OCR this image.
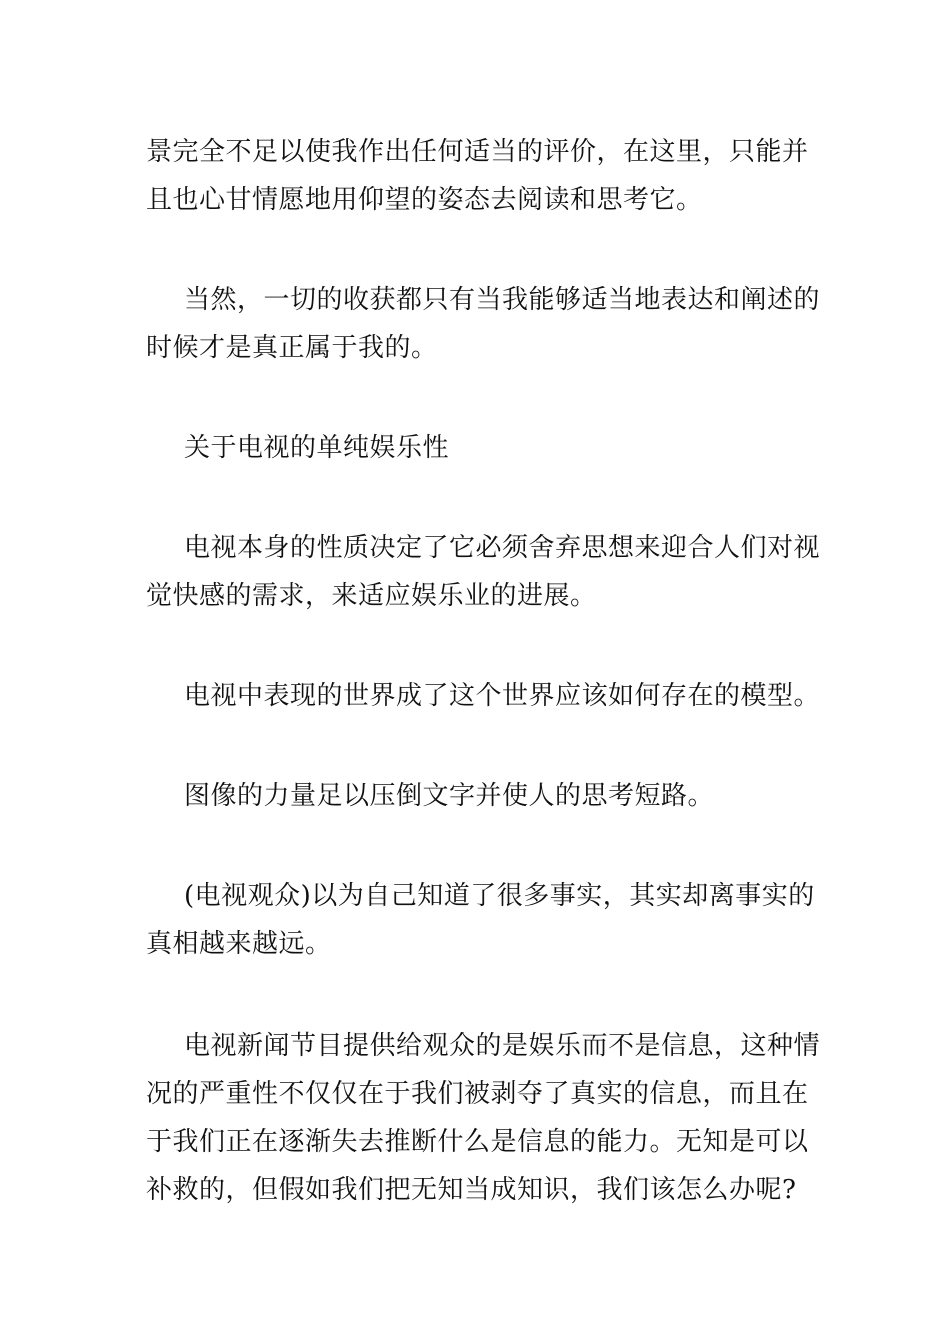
景完全不足以使我作出任何适当的评价，在这里，只能并
且也心甘情愿地用仰望的姿态去阅读和思考它。

当然，一切的收获都只有当我能够适当地表达和阐述的
时候才是真正属于我的。

关于电视的单纯娱乐性

电视本身的性质决定了它必须舍弃思想来迎合人们对视
觉快感的需求，来适应娱乐业的进展。

电视中表现的世界成了这个世界应该如何存在的模型。

图像的力量足以压倒文字并使人的思考短路。

(电视观众)以为自己知道了很多事实，其实却离事实的
真相越来越远。

电视新闻节目提供给观众的是娱乐而不是信息，这种情
况的严重性不仅仅在于我们被剥夺了真实的信息，而且在
于我们正在逐渐失去推断什么是信息的能力。无知是可以
补救的，但假如我们把无知当成知识，我们该怎么办呢?
